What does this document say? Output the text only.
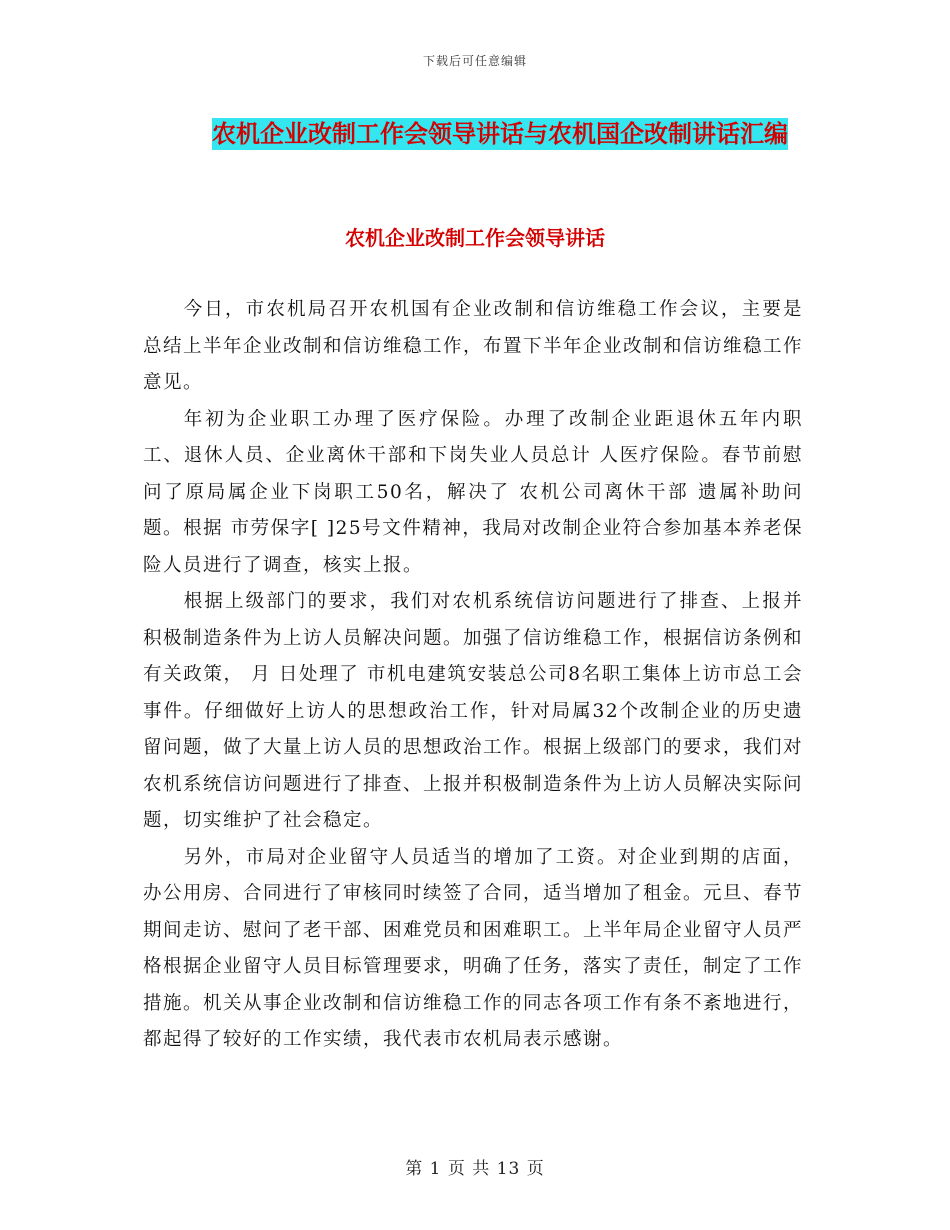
下载后可任意编辑
农机企业改制工作会领导讲话与农机国企改制讲话汇编
农机企业改制工作会领导讲话

今日，市农机局召开农机国有企业改制和信访维稳工作会议，主要是总结上半年企业改制和信访维稳工作，布置下半年企业改制和信访维稳工作意见。

年初为企业职工办理了医疗保险。办理了改制企业距退休五年内职工、退休人员、企业离休干部和下岗失业人员总计 人医疗保险。春节前慰问了原局属企业下岗职工50名，解决了 农机公司离休干部 遗属补助问题。根据 市劳保字[ ]25号文件精神，我局对改制企业符合参加基本养老保险人员进行了调查，核实上报。

根据上级部门的要求，我们对农机系统信访问题进行了排查、上报并积极制造条件为上访人员解决问题。加强了信访维稳工作，根据信访条例和有关政策， 月 日处理了 市机电建筑安装总公司8名职工集体上访市总工会事件。仔细做好上访人的思想政治工作，针对局属32个改制企业的历史遗留问题，做了大量上访人员的思想政治工作。根据上级部门的要求，我们对农机系统信访问题进行了排查、上报并积极制造条件为上访人员解决实际问题，切实维护了社会稳定。

另外，市局对企业留守人员适当的增加了工资。对企业到期的店面，办公用房、合同进行了审核同时续签了合同，适当增加了租金。元旦、春节期间走访、慰问了老干部、困难党员和困难职工。上半年局企业留守人员严格根据企业留守人员目标管理要求，明确了任务，落实了责任，制定了工作措施。机关从事企业改制和信访维稳工作的同志各项工作有条不紊地进行，都起得了较好的工作实绩，我代表市农机局表示感谢。

第 1 页 共 13 页
